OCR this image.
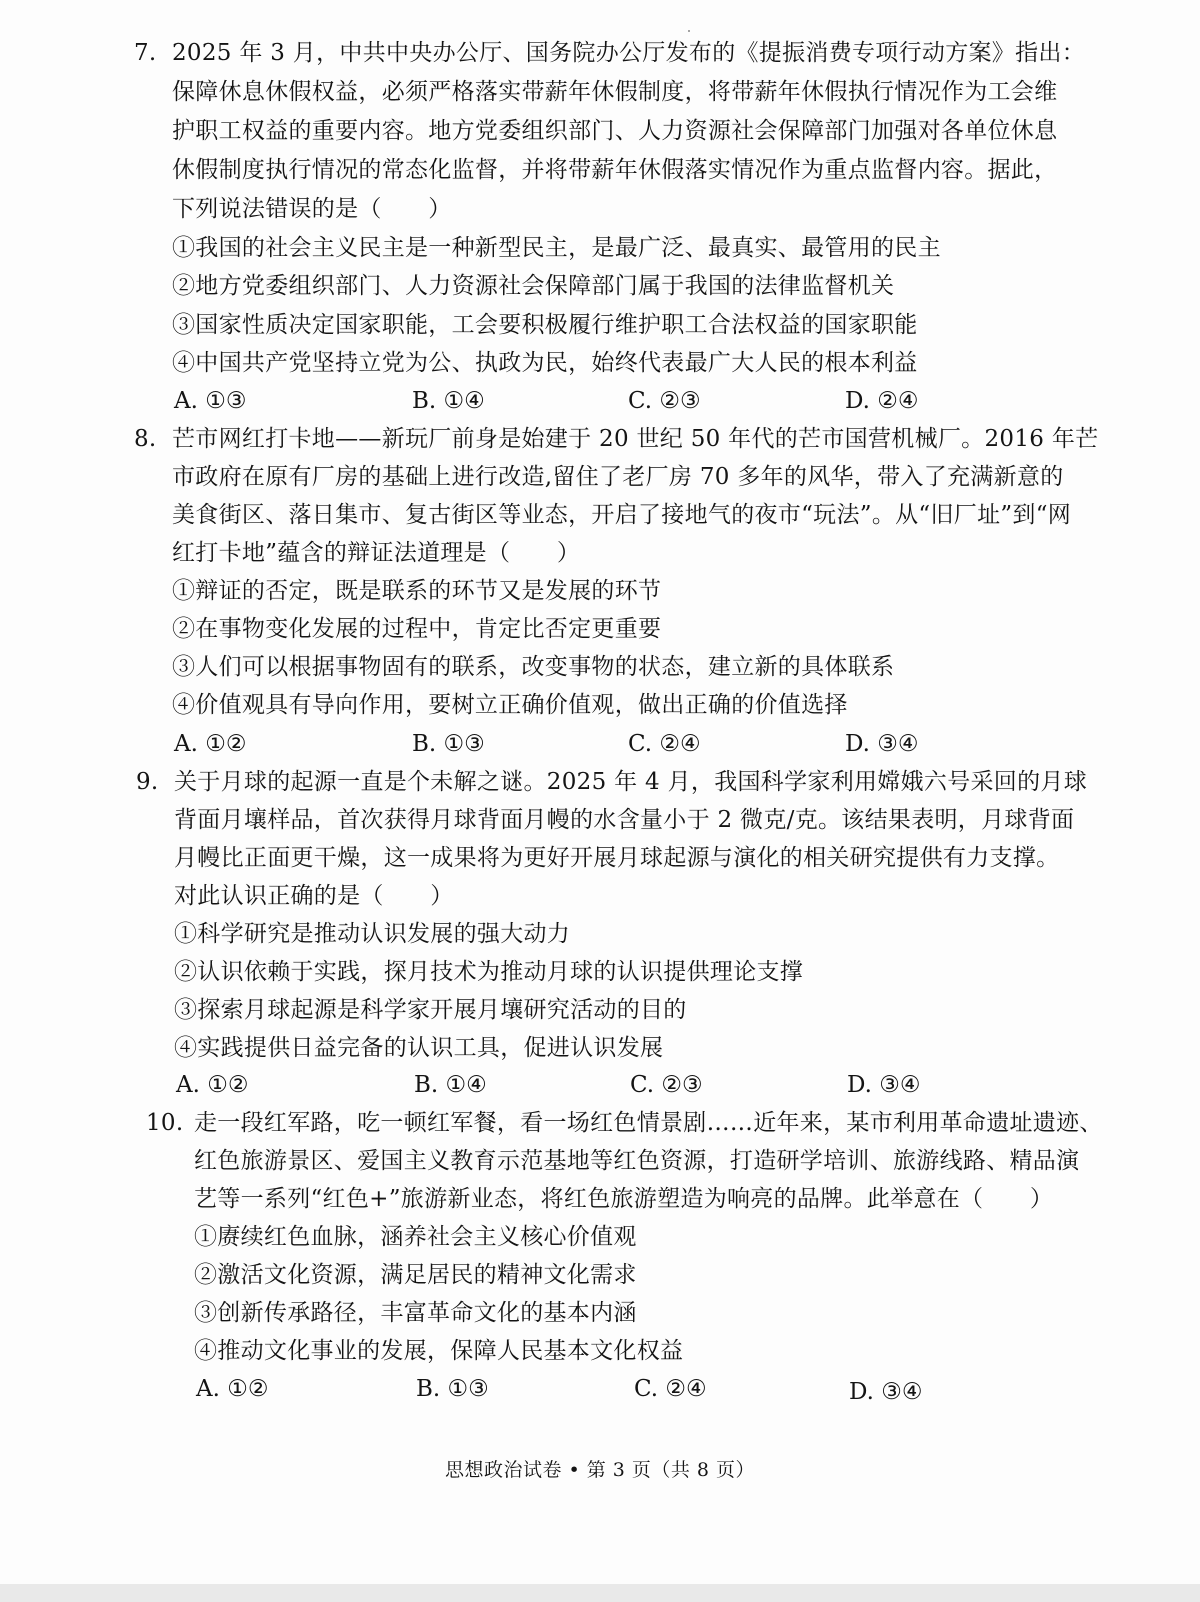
7. 2025 年 3 月，中共中央办公厅、国务院办公厅发布的《提振消费专项行动方案》指出：
保障休息休假权益，必须严格落实带薪年休假制度，将带薪年休假执行情况作为工会维
护职工权益的重要内容。地方党委组织部门、人力资源社会保障部门加强对各单位休息
休假制度执行情况的常态化监督，并将带薪年休假落实情况作为重点监督内容。据此，
下列说法错误的是（　　）
①我国的社会主义民主是一种新型民主，是最广泛、最真实、最管用的民主
②地方党委组织部门、人力资源社会保障部门属于我国的法律监督机关
③国家性质决定国家职能，工会要积极履行维护职工合法权益的国家职能
④中国共产党坚持立党为公、执政为民，始终代表最广大人民的根本利益
A. ①③	B. ①④	C. ②③	D. ②④
8. 芒市网红打卡地——新玩厂前身是始建于 20 世纪 50 年代的芒市国营机械厂。2016 年芒
市政府在原有厂房的基础上进行改造,留住了老厂房 70 多年的风华，带入了充满新意的
美食街区、落日集市、复古街区等业态，开启了接地气的夜市“玩法”。从“旧厂址”到“网
红打卡地”蕴含的辩证法道理是（　　）
①辩证的否定，既是联系的环节又是发展的环节
②在事物变化发展的过程中，肯定比否定更重要
③人们可以根据事物固有的联系，改变事物的状态，建立新的具体联系
④价值观具有导向作用，要树立正确价值观，做出正确的价值选择
A. ①②	B. ①③	C. ②④	D. ③④
9. 关于月球的起源一直是个未解之谜。2025 年 4 月，我国科学家利用嫦娥六号采回的月球
背面月壤样品，首次获得月球背面月幔的水含量小于 2 微克/克。该结果表明，月球背面
月幔比正面更干燥，这一成果将为更好开展月球起源与演化的相关研究提供有力支撑。
对此认识正确的是（　　）
①科学研究是推动认识发展的强大动力
②认识依赖于实践，探月技术为推动月球的认识提供理论支撑
③探索月球起源是科学家开展月壤研究活动的目的
④实践提供日益完备的认识工具，促进认识发展
A. ①②	B. ①④	C. ②③	D. ③④
10. 走一段红军路，吃一顿红军餐，看一场红色情景剧……近年来，某市利用革命遗址遗迹、
红色旅游景区、爱国主义教育示范基地等红色资源，打造研学培训、旅游线路、精品演
艺等一系列“红色+”旅游新业态，将红色旅游塑造为响亮的品牌。此举意在（　　）
①赓续红色血脉，涵养社会主义核心价值观
②激活文化资源，满足居民的精神文化需求
③创新传承路径，丰富革命文化的基本内涵
④推动文化事业的发展，保障人民基本文化权益
A. ①②	B. ①③	C. ②④	D. ③④
思想政治试卷 • 第 3 页（共 8 页）
